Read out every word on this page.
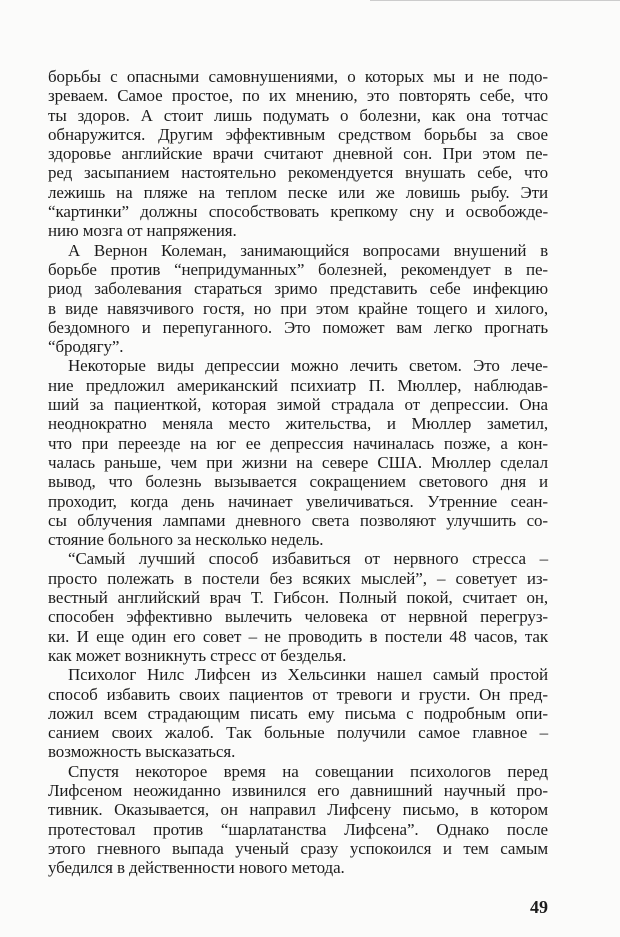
борьбы с опасными самовнушениями, о которых мы и не подо-
зреваем. Самое простое, по их мнению, это повторять себе, что
ты здоров. А стоит лишь подумать о болезни, как она тотчас
обнаружится. Другим эффективным средством борьбы за свое
здоровье английские врачи считают дневной сон. При этом пе-
ред засыпанием настоятельно рекомендуется внушать себе, что
лежишь на пляже на теплом песке или же ловишь рыбу. Эти
“картинки” должны способствовать крепкому сну и освобожде-
нию мозга от напряжения.
А Вернон Колеман, занимающийся вопросами внушений в
борьбе против “непридуманных” болезней, рекомендует в пе-
риод заболевания стараться зримо представить себе инфекцию
в виде навязчивого гостя, но при этом крайне тощего и хилого,
бездомного и перепуганного. Это поможет вам легко прогнать
“бродягу”.
Некоторые виды депрессии можно лечить светом. Это лече-
ние предложил американский психиатр П. Мюллер, наблюдав-
ший за пациенткой, которая зимой страдала от депрессии. Она
неоднократно меняла место жительства, и Мюллер заметил,
что при переезде на юг ее депрессия начиналась позже, а кон-
чалась раньше, чем при жизни на севере США. Мюллер сделал
вывод, что болезнь вызывается сокращением светового дня и
проходит, когда день начинает увеличиваться. Утренние сеан-
сы облучения лампами дневного света позволяют улучшить со-
стояние больного за несколько недель.
“Самый лучший способ избавиться от нервного стресса –
просто полежать в постели без всяких мыслей”, – советует из-
вестный английский врач Т. Гибсон. Полный покой, считает он,
способен эффективно вылечить человека от нервной перегруз-
ки. И еще один его совет – не проводить в постели 48 часов, так
как может возникнуть стресс от безделья.
Психолог Нилс Лифсен из Хельсинки нашел самый простой
способ избавить своих пациентов от тревоги и грусти. Он пред-
ложил всем страдающим писать ему письма с подробным опи-
санием своих жалоб. Так больные получили самое главное –
возможность высказаться.
Спустя некоторое время на совещании психологов перед
Лифсеном неожиданно извинился его давнишний научный про-
тивник. Оказывается, он направил Лифсену письмо, в котором
протестовал против “шарлатанства Лифсена”. Однако после
этого гневного выпада ученый сразу успокоился и тем самым
убедился в действенности нового метода.
49
